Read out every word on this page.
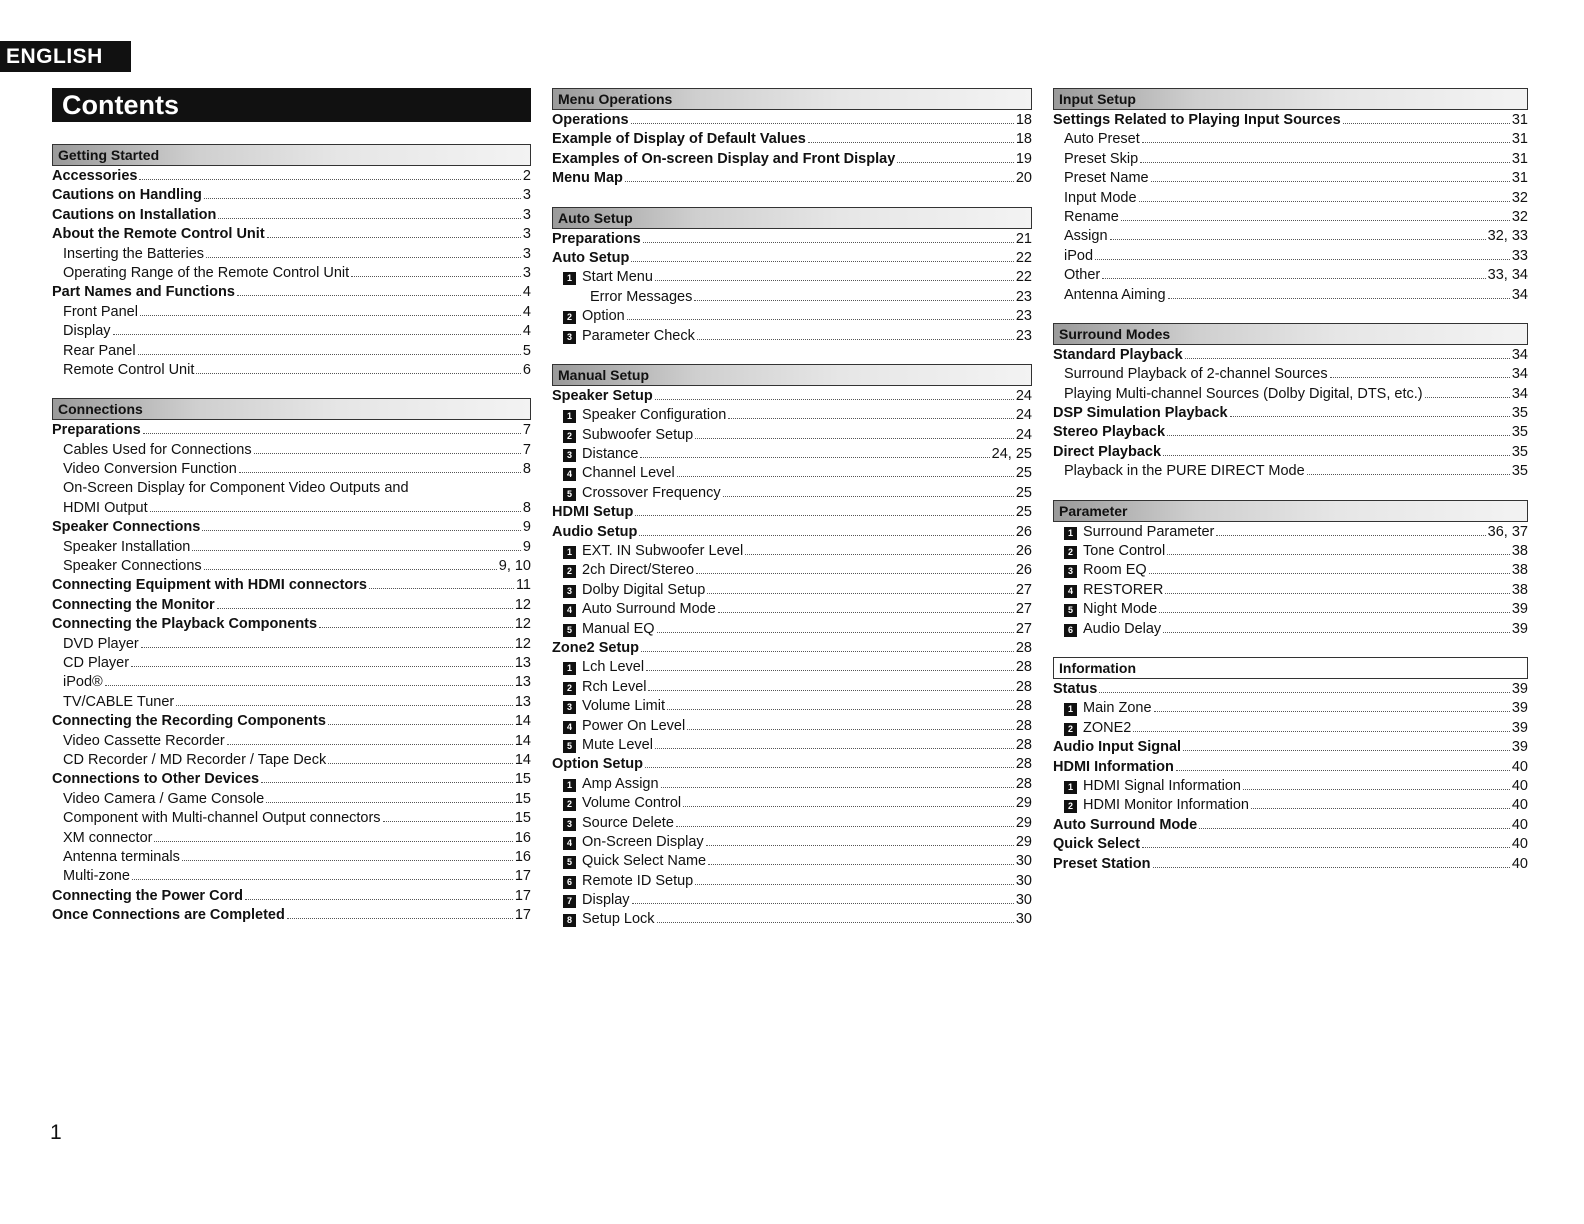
ENGLISH
Contents
Getting Started
Accessories	2
Cautions on Handling	3
Cautions on Installation	3
About the Remote Control Unit	3
Inserting the Batteries	3
Operating Range of the Remote Control Unit	3
Part Names and Functions	4
Front Panel	4
Display	4
Rear Panel	5
Remote Control Unit	6
Connections
Preparations	7
Cables Used for Connections	7
Video Conversion Function	8
On-Screen Display for Component Video Outputs and
HDMI Output	8
Speaker Connections	9
Speaker Installation	9
Speaker Connections	9, 10
Connecting Equipment with HDMI connectors	11
Connecting the Monitor	12
Connecting the Playback Components	12
DVD Player	12
CD Player	13
iPod®	13
TV/CABLE Tuner	13
Connecting the Recording Components	14
Video Cassette Recorder	14
CD Recorder / MD Recorder / Tape Deck	14
Connections to Other Devices	15
Video Camera / Game Console	15
Component with Multi-channel Output connectors	15
XM connector	16
Antenna terminals	16
Multi-zone	17
Connecting the Power Cord	17
Once Connections are Completed	17
Menu Operations
Operations	18
Example of Display of Default Values	18
Examples of On-screen Display and Front Display	19
Menu Map	20
Auto Setup
Preparations	21
Auto Setup	22
1 Start Menu	22
Error Messages	23
2 Option	23
3 Parameter Check	23
Manual Setup
Speaker Setup	24
1 Speaker Configuration	24
2 Subwoofer Setup	24
3 Distance	24, 25
4 Channel Level	25
5 Crossover Frequency	25
HDMI Setup	25
Audio Setup	26
1 EXT. IN Subwoofer Level	26
2 2ch Direct/Stereo	26
3 Dolby Digital Setup	27
4 Auto Surround Mode	27
5 Manual EQ	27
Zone2 Setup	28
1 Lch Level	28
2 Rch Level	28
3 Volume Limit	28
4 Power On Level	28
5 Mute Level	28
Option Setup	28
1 Amp Assign	28
2 Volume Control	29
3 Source Delete	29
4 On-Screen Display	29
5 Quick Select Name	30
6 Remote ID Setup	30
7 Display	30
8 Setup Lock	30
Input Setup
Settings Related to Playing Input Sources	31
Auto Preset	31
Preset Skip	31
Preset Name	31
Input Mode	32
Rename	32
Assign	32, 33
iPod	33
Other	33, 34
Antenna Aiming	34
Surround Modes
Standard Playback	34
Surround Playback of 2-channel Sources	34
Playing Multi-channel Sources (Dolby Digital, DTS, etc.)	34
DSP Simulation Playback	35
Stereo Playback	35
Direct Playback	35
Playback in the PURE DIRECT Mode	35
Parameter
1 Surround Parameter	36, 37
2 Tone Control	38
3 Room EQ	38
4 RESTORER	38
5 Night Mode	39
6 Audio Delay	39
Information
Status	39
1 Main Zone	39
2 ZONE2	39
Audio Input Signal	39
HDMI Information	40
1 HDMI Signal Information	40
2 HDMI Monitor Information	40
Auto Surround Mode	40
Quick Select	40
Preset Station	40
1
